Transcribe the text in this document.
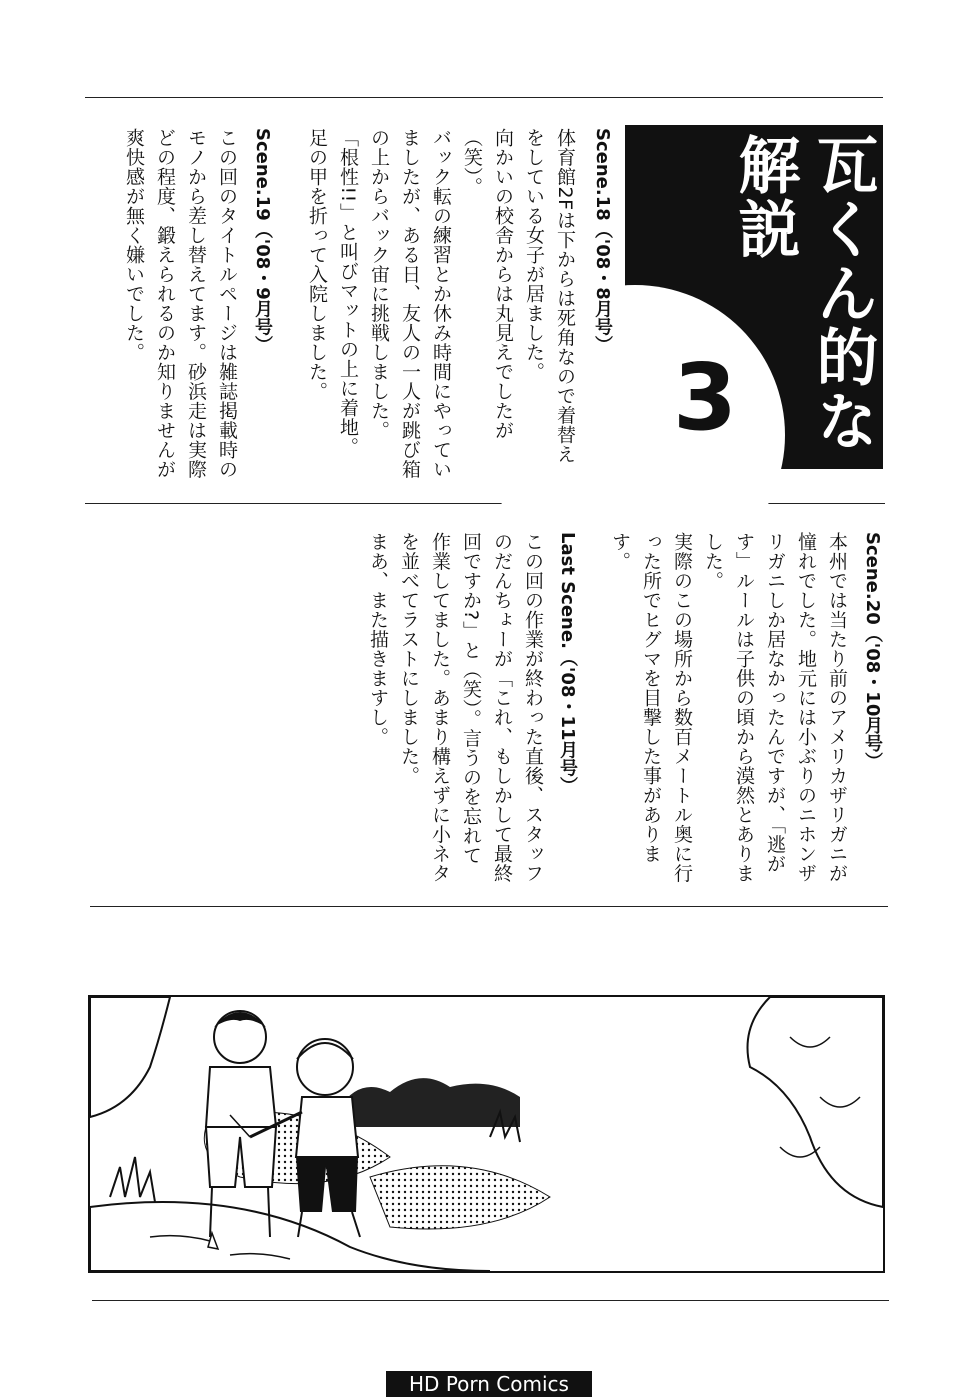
瓦くん的な
解説
3
Scene.18（'08・8月号）
体育館2Fは下からは死角なので着替え
をしている女子が居ました。
向かいの校舎からは丸見えでしたが（笑）。
バック転の練習とか休み時間にやってい
ましたが、ある日、友人の一人が跳び箱
の上からバック宙に挑戦しました。
「根性!!」と叫びマットの上に着地。
足の甲を折って入院しました。
Scene.19（'08・9月号）
この回のタイトルページは雑誌掲載時の
モノから差し替えてます。砂浜走は実際
どの程度、鍛えられるのか知りませんが
爽快感が無く嫌いでした。
Scene.20（'08・10月号）
本州では当たり前のアメリカザリガニが
憧れでした。地元には小ぶりのニホンザ
リガニしか居なかったんですが、「逃が
す」ルールは子供の頃から漠然とありま
した。
実際のこの場所から数百メートル奥に行
った所でヒグマを目撃した事があります。
Last Scene.（'08・11月号）
この回の作業が終わった直後、スタッフ
のだんちょーが「これ、もしかして最終
回ですか?」と（笑）。言うのを忘れて
作業してました。あまり構えずに小ネタ
を並べてラストにしました。
まあ、また描きますし。
HD Porn Comics
